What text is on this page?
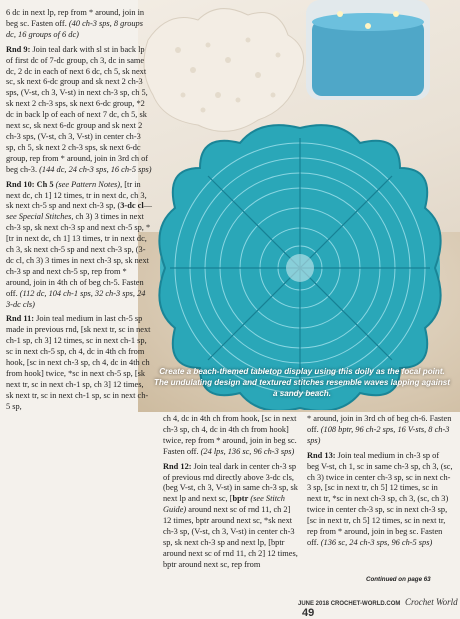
Create a beach-themed tabletop display using this doily as the focal point. The undulating design and textured stitches resemble waves lapping against a sandy beach.

6 dc in next lp, rep from * around, join in beg sc. Fasten off. (40 ch-3 sps, 8 groups dc, 16 groups of 6 dc)

Rnd 9: Join teal dark with sl st in back lp of first dc of 7-dc group, ch 3, dc in same dc, 2 dc in each of next 6 dc, ch 5, sk next sc, sk next 6-dc group and sk next 2 ch-3 sps, (V-st, ch 3, V-st) in next ch-3 sp, ch 5, sk next 2 ch-3 sps, sk next 6-dc group, *2 dc in back lp of each of next 7 dc, ch 5, sk next sc, sk next 6-dc group and sk next 2 ch-3 sps, (V-st, ch 3, V-st) in center ch-3 sp, ch 5, sk next 2 ch-3 sps, sk next 6-dc group, rep from * around, join in 3rd ch of beg ch-3. (144 dc, 24 ch-3 sps, 16 ch-5 sps)

Rnd 10: Ch 5 (see Pattern Notes), [tr in next dc, ch 1] 12 times, tr in next dc, ch 3, sk next ch-5 sp and next ch-3 sp, (3-dc cl—see Special Stitches, ch 3) 3 times in next ch-3 sp, sk next ch-3 sp and next ch-5 sp, *[tr in next dc, ch 1] 13 times, tr in next dc, ch 3, sk next ch-5 sp and next ch-3 sp, (3-dc cl, ch 3) 3 times in next ch-3 sp, sk next ch-3 sp and next ch-5 sp, rep from * around, join in 4th ch of beg ch-5. Fasten off. (112 dc, 104 ch-1 sps, 32 ch-3 sps, 24 3-dc cls)

Rnd 11: Join teal medium in last ch-5 sp made in previous rnd, [sk next tr, sc in next ch-1 sp, ch 3] 12 times, sc in next ch-1 sp, sc in next ch-5 sp, ch 4, dc in 4th ch from hook, [sc in next ch-3 sp, ch 4, dc in 4th ch from hook] twice, *sc in next ch-5 sp, [sk next tr, sc in next ch-1 sp, ch 3] 12 times, sk next tr, sc in next ch-1 sp, sc in next ch-5 sp,

ch 4, dc in 4th ch from hook, [sc in next ch-3 sp, ch 4, dc in 4th ch from hook] twice, rep from * around, join in beg sc. Fasten off. (24 lps, 136 sc, 96 ch-3 sps)

Rnd 12: Join teal dark in center ch-3 sp of previous rnd directly above 3-dc cls, (beg V-st, ch 3, V-st) in same ch-3 sp, sk next lp and next sc, [bptr (see Stitch Guide) around next sc of rnd 11, ch 2] 12 times, bptr around next sc, *sk next ch-3 sp, (V-st, ch 3, V-st) in center ch-3 sp, sk next ch-3 sp and next lp, [bptr around next sc of rnd 11, ch 2] 12 times, bptr around next sc, rep from

* around, join in 3rd ch of beg ch-6. Fasten off. (108 bptr, 96 ch-2 sps, 16 V-sts, 8 ch-3 sps)

Rnd 13: Join teal medium in ch-3 sp of beg V-st, ch 1, sc in same ch-3 sp, ch 3, (sc, ch 3) twice in center ch-3 sp, sc in next ch-3 sp, [sc in next tr, ch 5] 12 times, sc in next tr, *sc in next ch-3 sp, ch 3, (sc, ch 3) twice in center ch-3 sp, sc in next ch-3 sp, [sc in next tr, ch 5] 12 times, sc in next tr, rep from * around, join in beg sc. Fasten off. (136 sc, 24 ch-3 sps, 96 ch-5 sps)

Continued on page 63
JUNE 2018 CROCHET-WORLD.COM Crochet World 49
